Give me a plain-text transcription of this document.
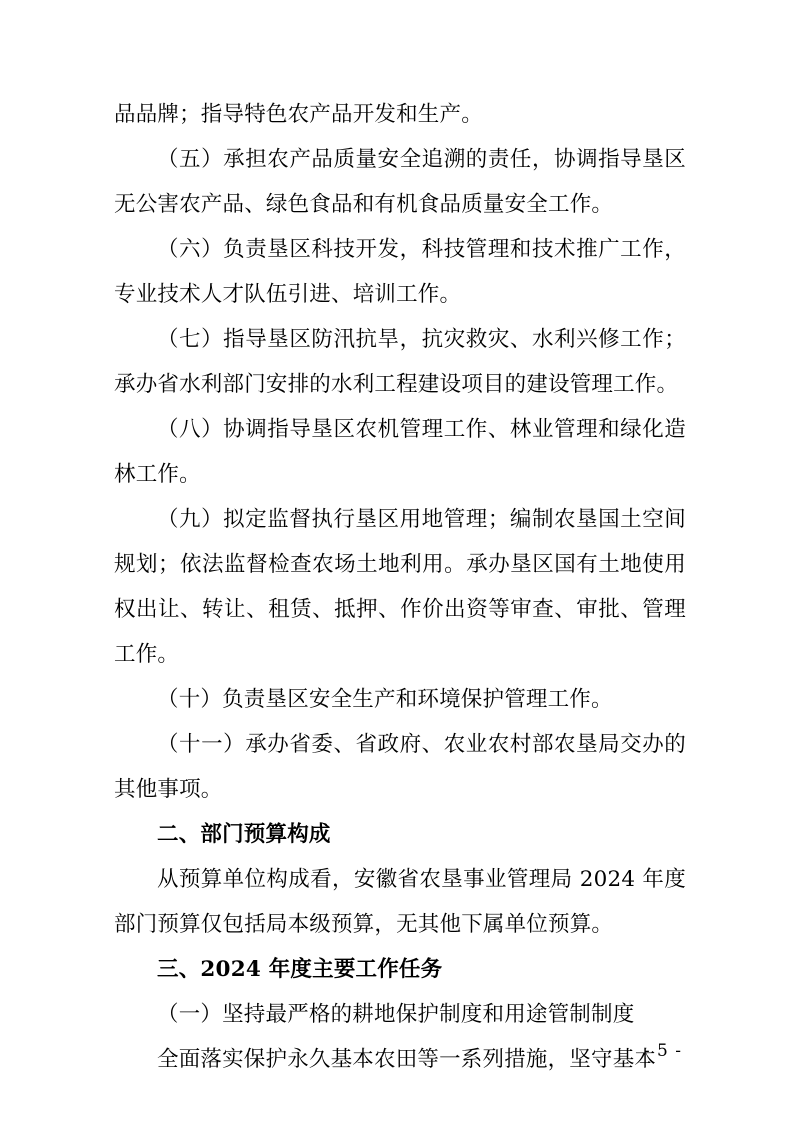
品品牌；指导特色农产品开发和生产。

（五）承担农产品质量安全追溯的责任，协调指导垦区无公害农产品、绿色食品和有机食品质量安全工作。

（六）负责垦区科技开发，科技管理和技术推广工作，专业技术人才队伍引进、培训工作。

（七）指导垦区防汛抗旱，抗灾救灾、水利兴修工作；承办省水利部门安排的水利工程建设项目的建设管理工作。

（八）协调指导垦区农机管理工作、林业管理和绿化造林工作。

（九）拟定监督执行垦区用地管理；编制农垦国土空间规划；依法监督检查农场土地利用。承办垦区国有土地使用权出让、转让、租赁、抵押、作价出资等审查、审批、管理工作。

（十）负责垦区安全生产和环境保护管理工作。

（十一）承办省委、省政府、农业农村部农垦局交办的其他事项。

二、部门预算构成

从预算单位构成看，安徽省农垦事业管理局 2024 年度部门预算仅包括局本级预算，无其他下属单位预算。

三、2024 年度主要工作任务

（一）坚持最严格的耕地保护制度和用途管制制度

全面落实保护永久基本农田等一系列措施，坚守基本

- 5 -
